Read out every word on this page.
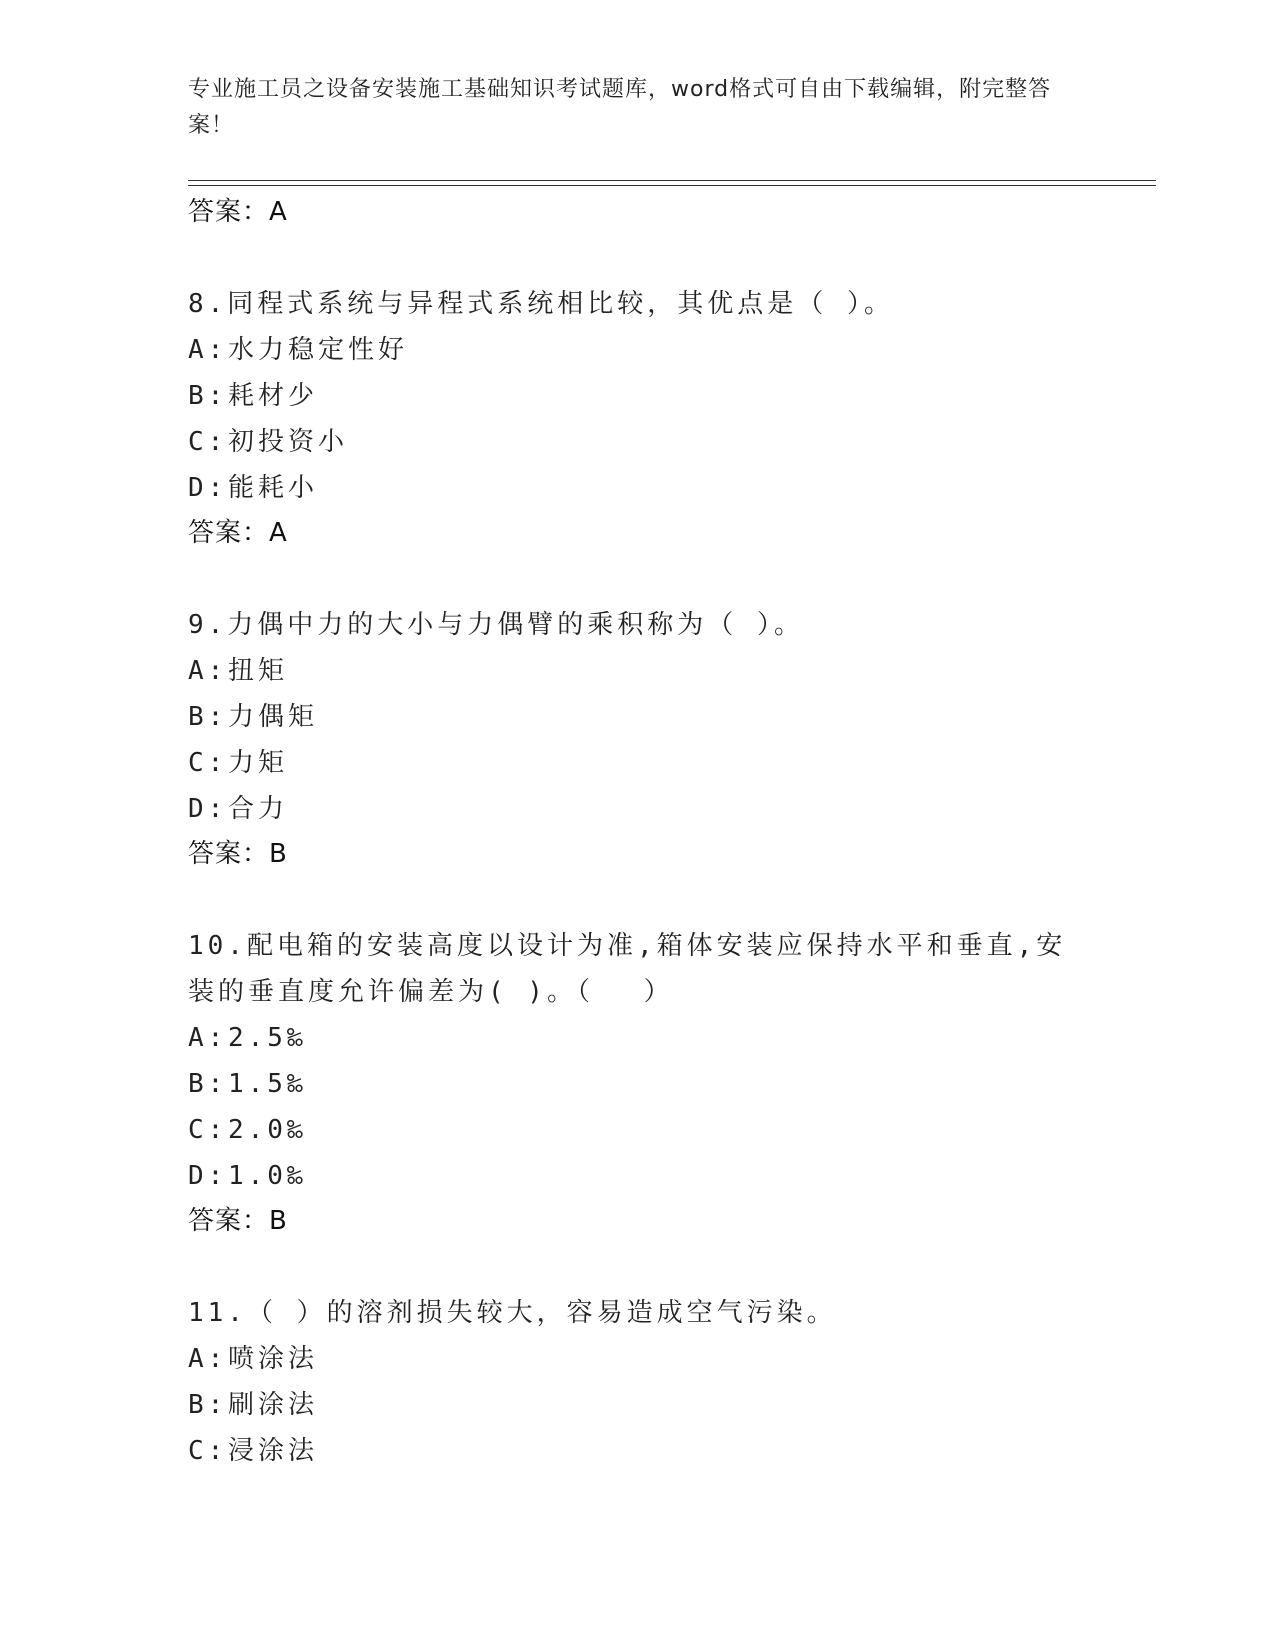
专业施工员之设备安装施工基础知识考试题库，word格式可自由下载编辑，附完整答案！
答案：A
8.同程式系统与异程式系统相比较，其优点是（ ）。
A:水力稳定性好
B:耗材少
C:初投资小
D:能耗小
答案：A
9.力偶中力的大小与力偶臂的乘积称为（ ）。
A:扭矩
B:力偶矩
C:力矩
D:合力
答案：B
10.配电箱的安装高度以设计为准,箱体安装应保持水平和垂直,安装的垂直度允许偏差为( )。（　 ）
A:2.5‰
B:1.5‰
C:2.0‰
D:1.0‰
答案：B
11.（ ）的溶剂损失较大，容易造成空气污染。
A:喷涂法
B:刷涂法
C:浸涂法
